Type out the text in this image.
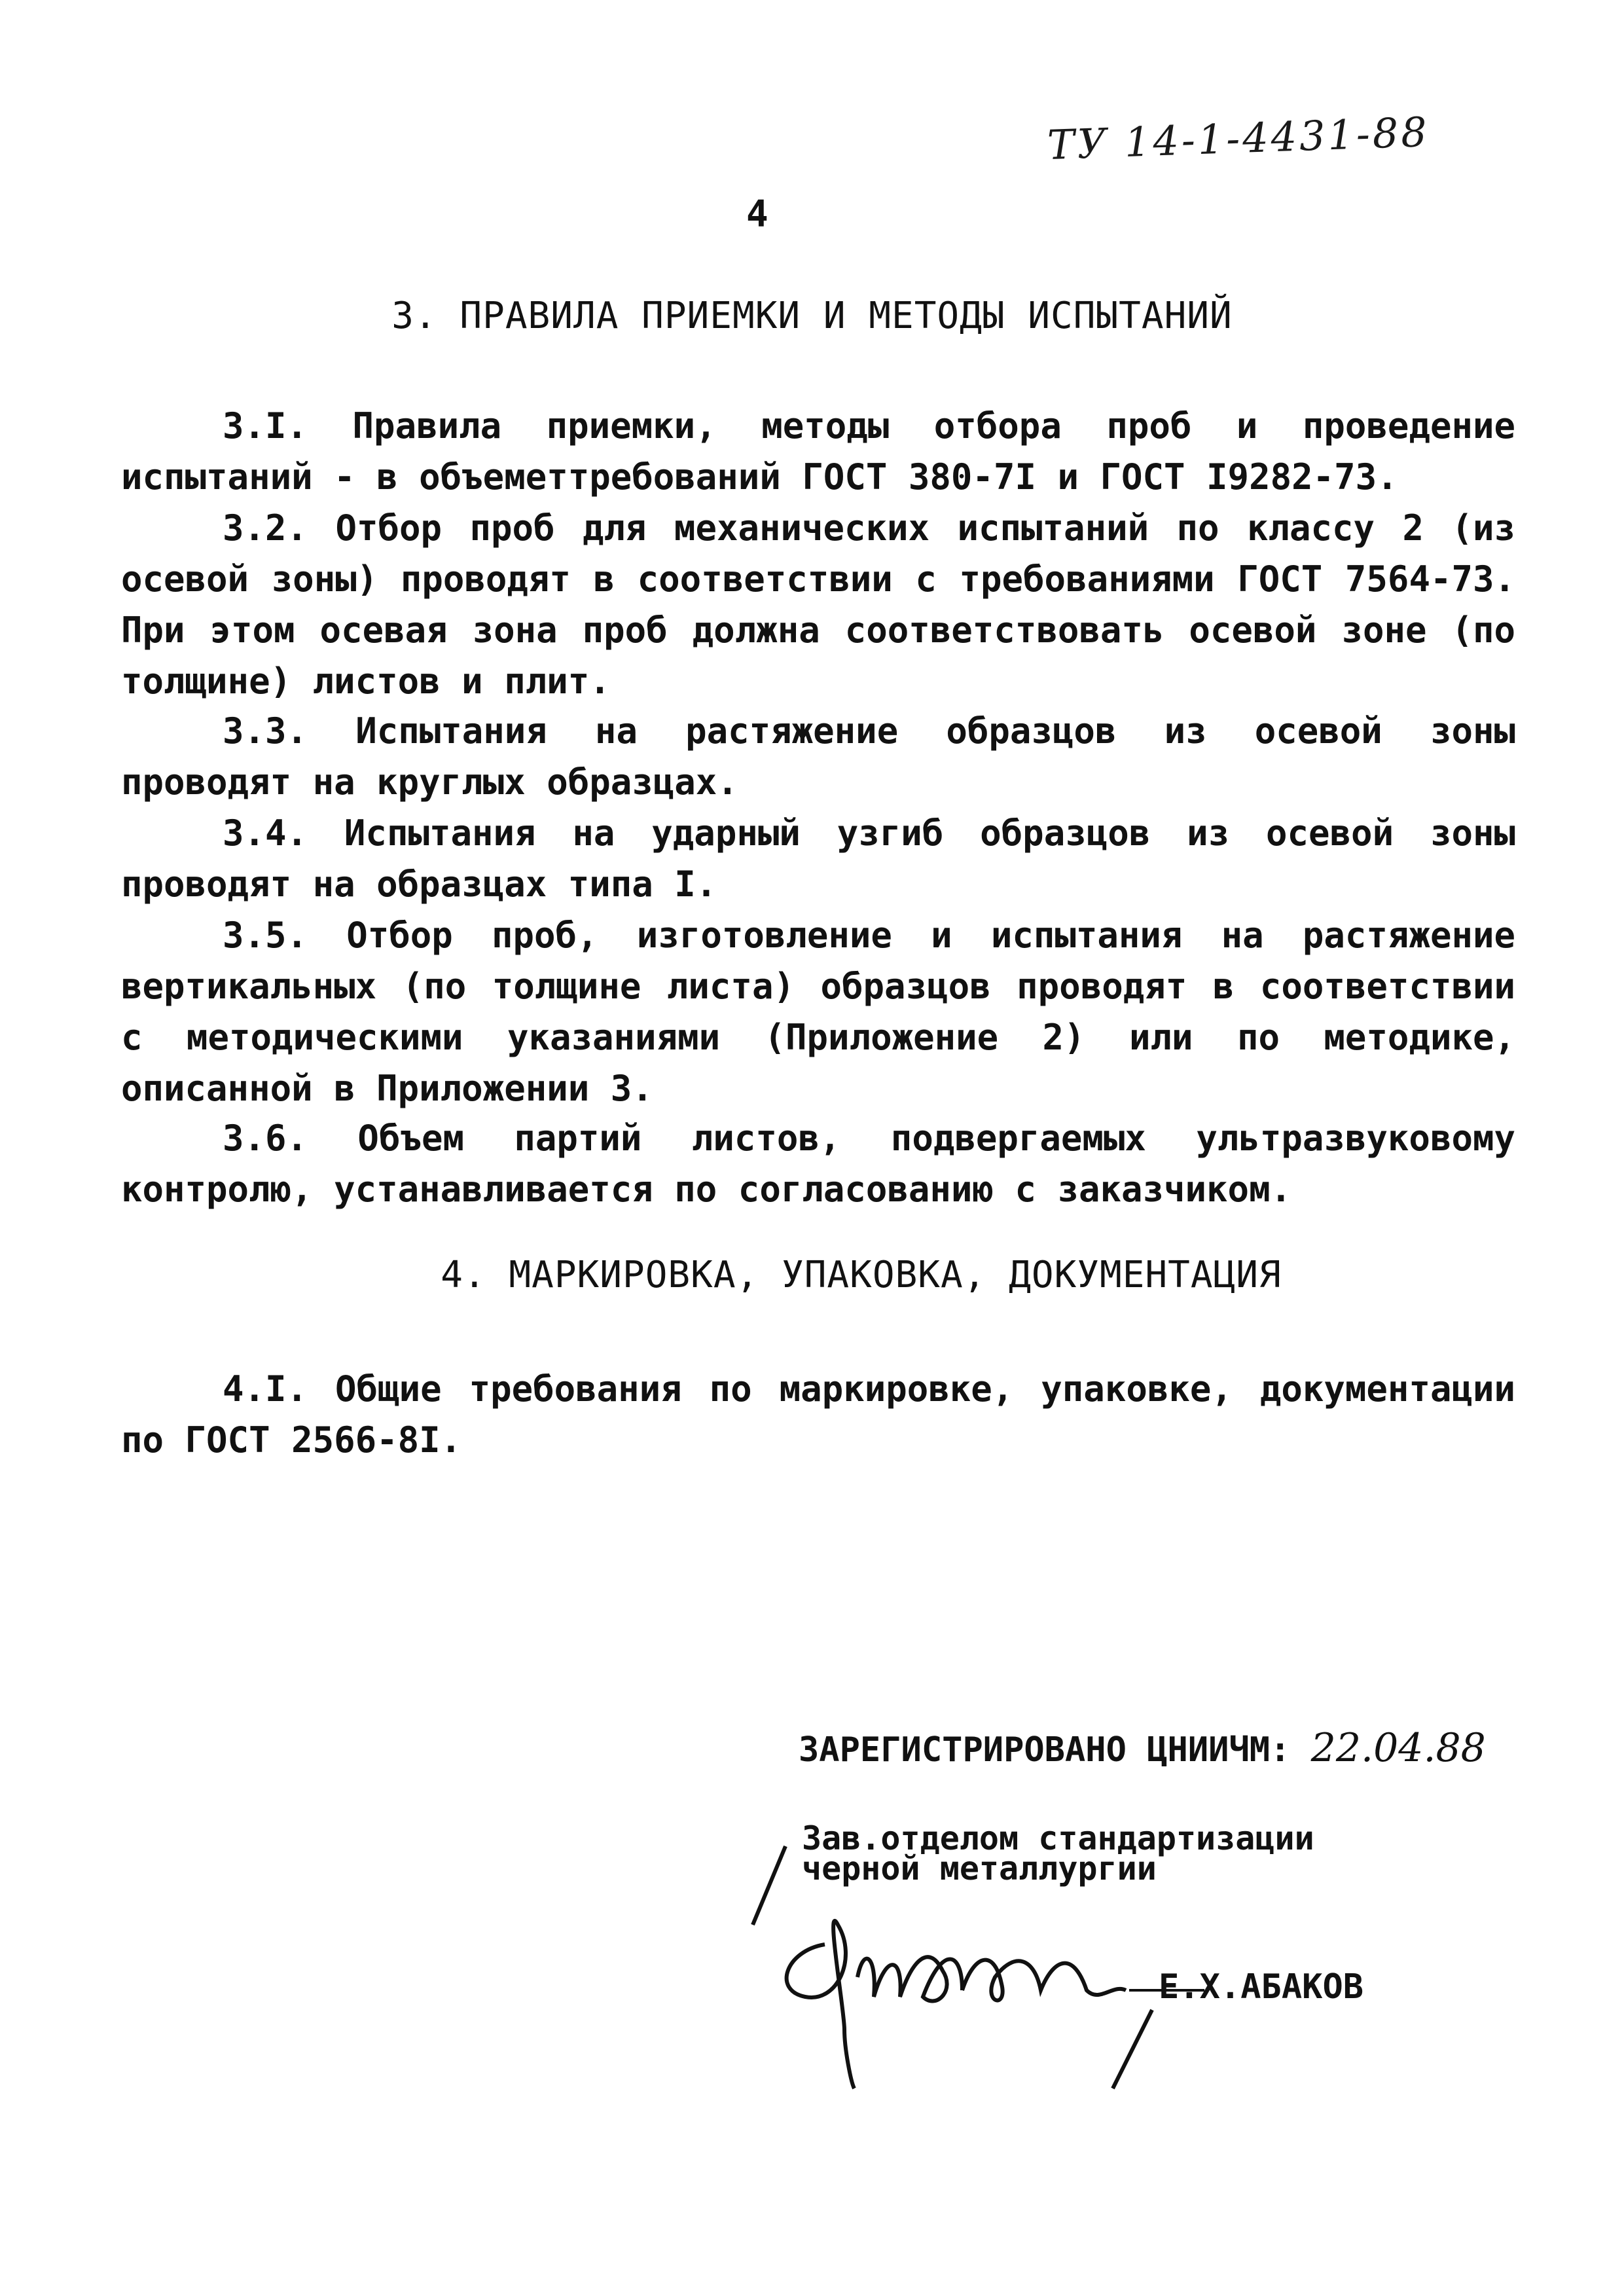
ТУ 14-1-4431-88
4
3. ПРАВИЛА ПРИЕМКИ И МЕТОДЫ ИСПЫТАНИЙ
3.I. Правила приемки, методы отбора проб и проведение испытаний - в объеметтребований ГОСТ 380-7I и ГОСТ I9282-73.
3.2. Отбор проб для механических испытаний по классу 2 (из осевой зоны) проводят в соответствии с требованиями ГОСТ 7564-73. При этом осевая зона проб должна соответствовать осевой зоне (по толщине) листов и плит.
3.3. Испытания на растяжение образцов из осевой зоны проводят на круглых образцах.
3.4. Испытания на ударный узгиб образцов из осевой зоны проводят на образцах типа I.
3.5. Отбор проб, изготовление и испытания на растяжение вертикальных (по толщине листа) образцов проводят в соответствии с методическими указаниями (Приложение 2) или по методике, описанной в Приложении 3.
3.6. Объем партий листов, подвергаемых ультразвуковому контролю, устанавливается по согласованию с заказчиком.
4. МАРКИРОВКА, УПАКОВКА, ДОКУМЕНТАЦИЯ
4.I. Общие требования по маркировке, упаковке, документации по ГОСТ 2566-8I.
ЗАРЕГИСТРИРОВАНО ЦНИИЧМ: 22.04.88
Зав.отделом стандартизации
черной металлургии
Е.Х.АБАКОВ
